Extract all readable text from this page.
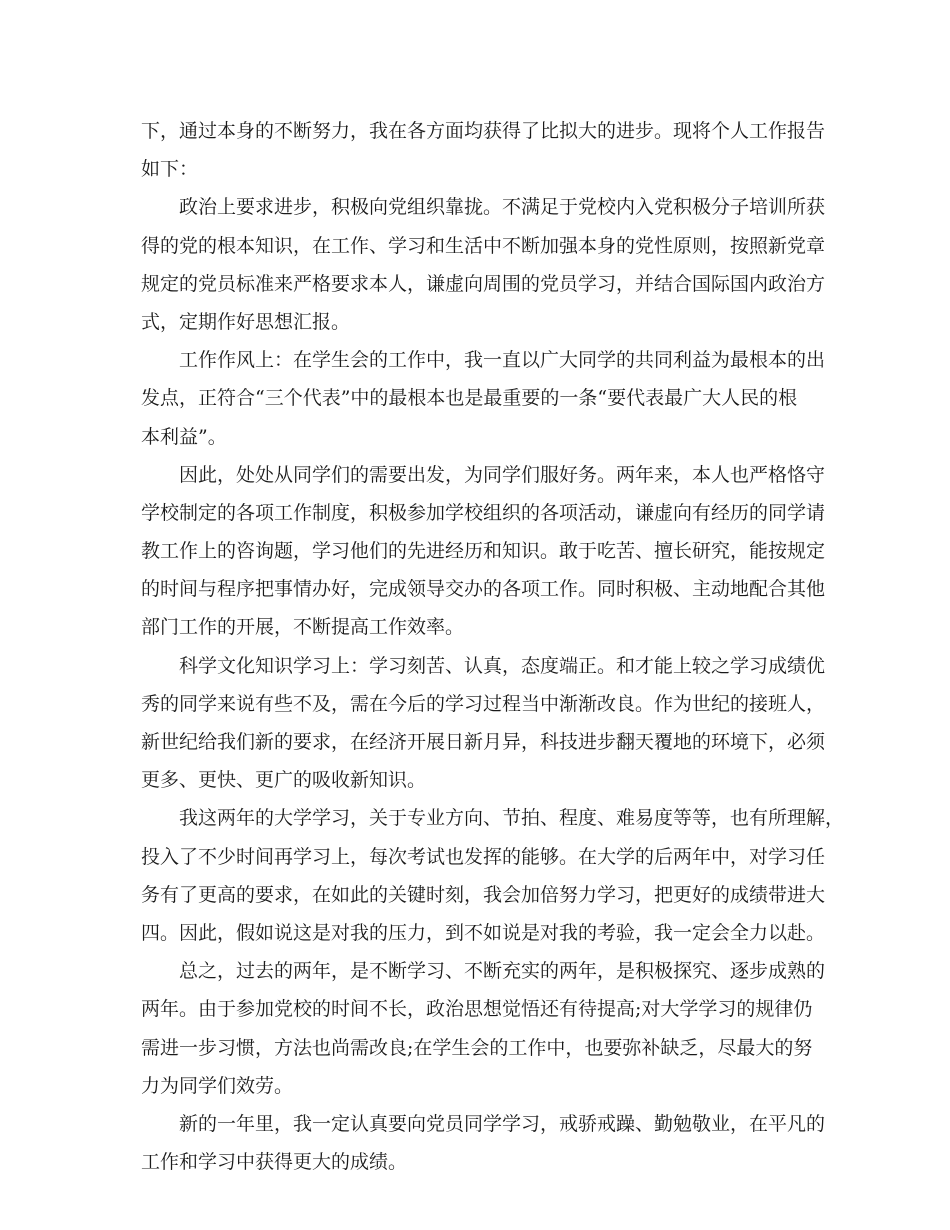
下，通过本身的不断努力，我在各方面均获得了比拟大的进步。现将个人工作报告
如下：
政治上要求进步，积极向党组织靠拢。不满足于党校内入党积极分子培训所获
得的党的根本知识，在工作、学习和生活中不断加强本身的党性原则，按照新党章
规定的党员标准来严格要求本人，谦虚向周围的党员学习，并结合国际国内政治方
式，定期作好思想汇报。
工作作风上：在学生会的工作中，我一直以广大同学的共同利益为最根本的出
发点，正符合“三个代表”中的最根本也是最重要的一条“要代表最广大人民的根
本利益”。
因此，处处从同学们的需要出发，为同学们服好务。两年来，本人也严格恪守
学校制定的各项工作制度，积极参加学校组织的各项活动，谦虚向有经历的同学请
教工作上的咨询题，学习他们的先进经历和知识。敢于吃苦、擅长研究，能按规定
的时间与程序把事情办好，完成领导交办的各项工作。同时积极、主动地配合其他
部门工作的开展，不断提高工作效率。
科学文化知识学习上：学习刻苦、认真，态度端正。和才能上较之学习成绩优
秀的同学来说有些不及，需在今后的学习过程当中渐渐改良。作为世纪的接班人，
新世纪给我们新的要求，在经济开展日新月异，科技进步翻天覆地的环境下，必须
更多、更快、更广的吸收新知识。
我这两年的大学学习，关于专业方向、节拍、程度、难易度等等，也有所理解，
投入了不少时间再学习上，每次考试也发挥的能够。在大学的后两年中，对学习任
务有了更高的要求，在如此的关键时刻，我会加倍努力学习，把更好的成绩带进大
四。因此，假如说这是对我的压力，到不如说是对我的考验，我一定会全力以赴。
总之，过去的两年，是不断学习、不断充实的两年，是积极探究、逐步成熟的
两年。由于参加党校的时间不长，政治思想觉悟还有待提高;对大学学习的规律仍
需进一步习惯，方法也尚需改良;在学生会的工作中，也要弥补缺乏，尽最大的努
力为同学们效劳。
新的一年里，我一定认真要向党员同学学习，戒骄戒躁、勤勉敬业，在平凡的
工作和学习中获得更大的成绩。
